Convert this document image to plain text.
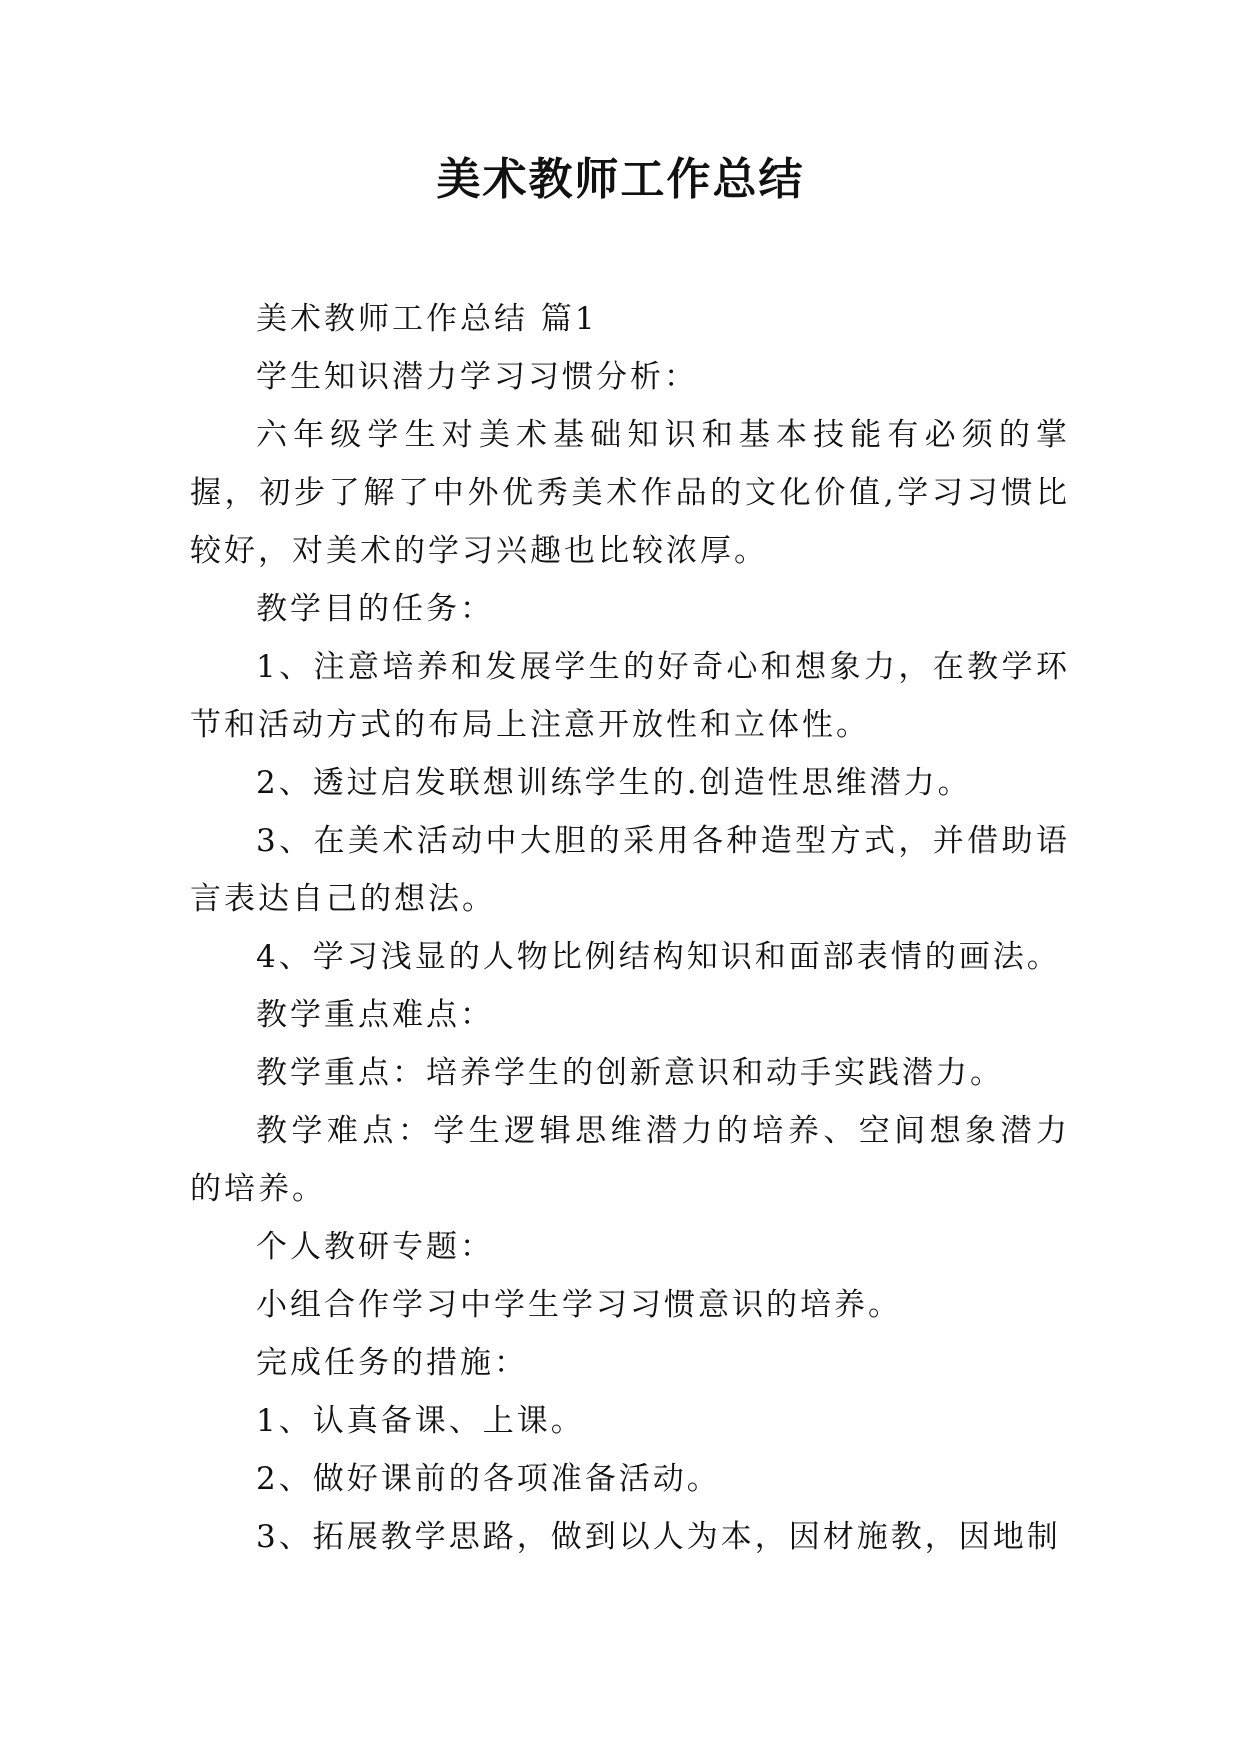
美术教师工作总结

美术教师工作总结 篇1

学生知识潜力学习习惯分析：

六年级学生对美术基础知识和基本技能有必须的掌握，初步了解了中外优秀美术作品的文化价值,学习习惯比较好，对美术的学习兴趣也比较浓厚。

教学目的任务：

1、注意培养和发展学生的好奇心和想象力，在教学环节和活动方式的布局上注意开放性和立体性。

2、透过启发联想训练学生的.创造性思维潜力。

3、在美术活动中大胆的采用各种造型方式，并借助语言表达自己的想法。

4、学习浅显的人物比例结构知识和面部表情的画法。

教学重点难点：

教学重点：培养学生的创新意识和动手实践潜力。

教学难点：学生逻辑思维潜力的培养、空间想象潜力的培养。

个人教研专题：

小组合作学习中学生学习习惯意识的培养。

完成任务的措施：

1、认真备课、上课。

2、做好课前的各项准备活动。

3、拓展教学思路，做到以人为本，因材施教，因地制
